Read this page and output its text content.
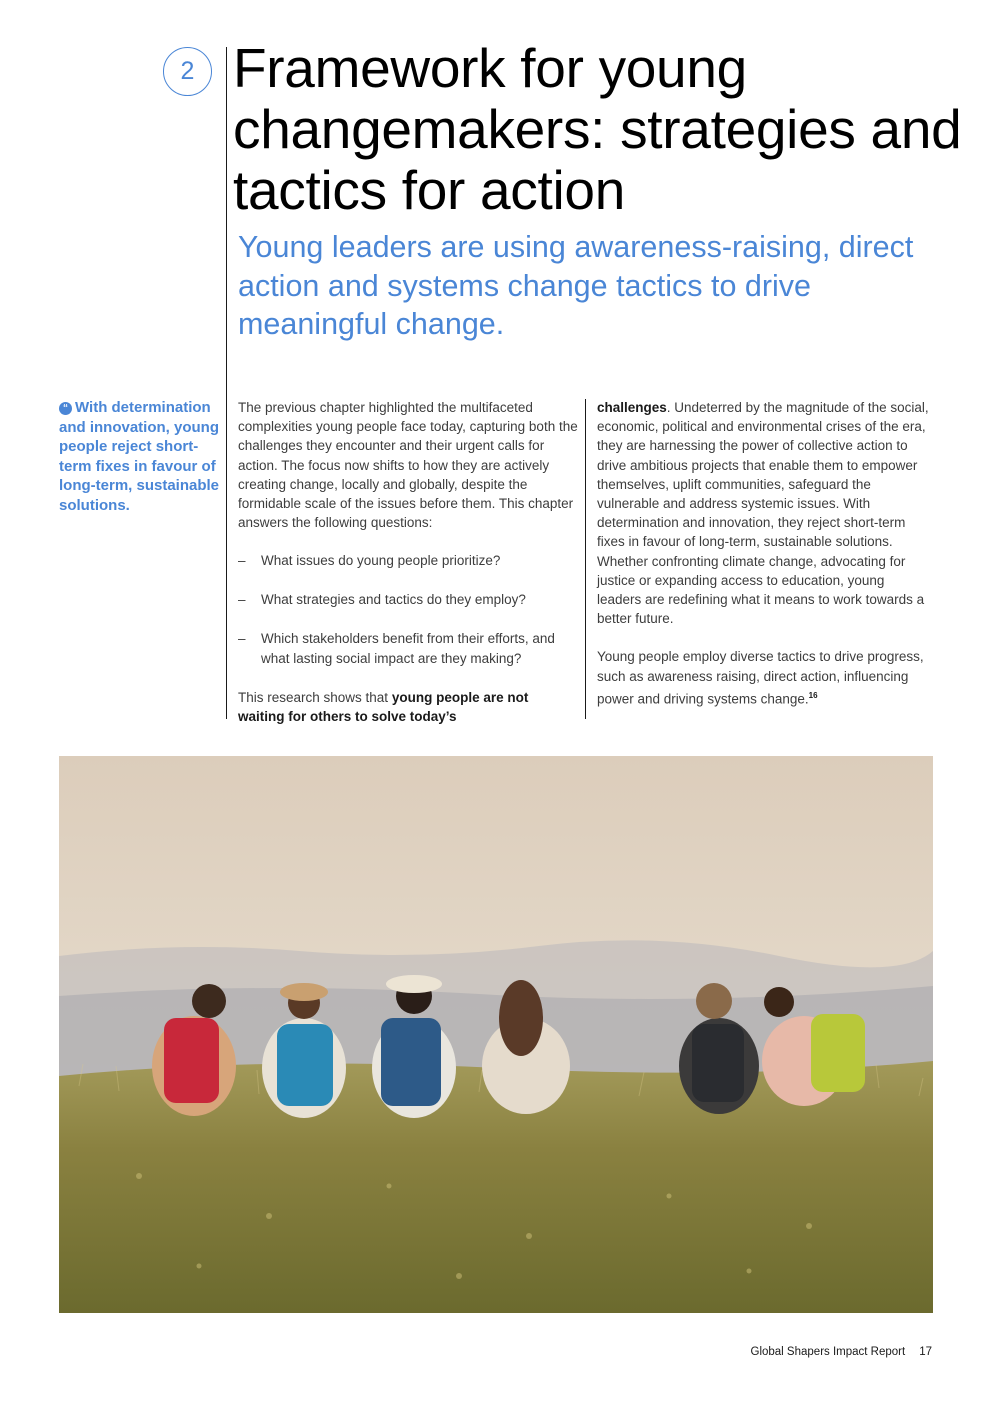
2 Framework for young changemakers: strategies and tactics for action
Young leaders are using awareness-raising, direct action and systems change tactics to drive meaningful change.
“ With determination and innovation, young people reject short-term fixes in favour of long-term, sustainable solutions.

The previous chapter highlighted the multifaceted complexities young people face today, capturing both the challenges they encounter and their urgent calls for action. The focus now shifts to how they are actively creating change, locally and globally, despite the formidable scale of the issues before them. This chapter answers the following questions:

– What issues do young people prioritize?
– What strategies and tactics do they employ?
– Which stakeholders benefit from their efforts, and what lasting social impact are they making?

This research shows that young people are not waiting for others to solve today’s

challenges. Undeterred by the magnitude of the social, economic, political and environmental crises of the era, they are harnessing the power of collective action to drive ambitious projects that enable them to empower themselves, uplift communities, safeguard the vulnerable and address systemic issues. With determination and innovation, they reject short-term fixes in favour of long-term, sustainable solutions. Whether confronting climate change, advocating for justice or expanding access to education, young leaders are redefining what it means to work towards a better future.

Young people employ diverse tactics to drive progress, such as awareness raising, direct action, influencing power and driving systems change.$^{16}$

Global Shapers Impact Report 17
